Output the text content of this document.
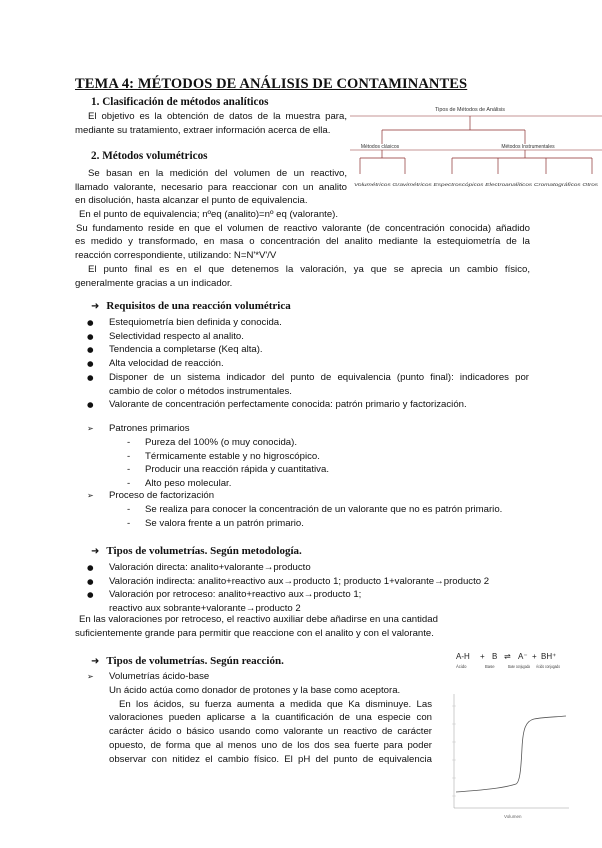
TEMA 4: MÉTODOS DE ANÁLISIS DE CONTAMINANTES
1. Clasificación de métodos analíticos
El objetivo es la obtención de datos de la muestra para,
mediante su tratamiento, extraer información acerca de ella.
Tipos de Métodos de Análisis
Métodos clásicos	Métodos Instrumentales
Volumétricos Gravimétricos Espectroscópicos Electroanalíticos Cromatográficos Otros
2. Métodos volumétricos
Se basan en la medición del volumen de un reactivo,
llamado valorante, necesario para reaccionar con un analito
en disolución, hasta alcanzar el punto de equivalencia.
En el punto de equivalencia; nºeq (analito)=nº eq (valorante).
Su fundamento reside en que el volumen de reactivo valorante (de concentración conocida) añadido
es medido y transformado, en masa o concentración del analito mediante la estequiometría de la
reacción correspondiente, utilizando: N=N'*V'/V
El punto final es en el que detenemos la valoración, ya que se aprecia un cambio físico,
generalmente gracias a un indicador.
➜ Requisitos de una reacción volumétrica
● Estequiometría bien definida y conocida.
● Selectividad respecto al analito.
● Tendencia a completarse (Keq alta).
● Alta velocidad de reacción.
● Disponer de un sistema indicador del punto de equivalencia (punto final): indicadores por
cambio de color o métodos instrumentales.
● Valorante de concentración perfectamente conocida: patrón primario y factorización.
➢ Patrones primarios
- Pureza del 100% (o muy conocida).
- Térmicamente estable y no higroscópico.
- Producir una reacción rápida y cuantitativa.
- Alto peso molecular.
➢ Proceso de factorización
- Se realiza para conocer la concentración de un valorante que no es patrón primario.
- Se valora frente a un patrón primario.
➜ Tipos de volumetrías. Según metodología.
● Valoración directa: analito+valorante→producto
● Valoración indirecta: analito+reactivo aux→producto 1; producto 1+valorante→producto 2
● Valoración por retroceso: analito+reactivo aux→producto 1;
reactivo aux sobrante+valorante→producto 2
En las valoraciones por retroceso, el reactivo auxiliar debe añadirse en una cantidad
suficientemente grande para permitir que reaccione con el analito y con el valorante.
➜ Tipos de volumetrías. Según reacción.
➢ Volumetrías ácido-base
Un ácido actúa como donador de protones y la base como aceptora.
En los ácidos, su fuerza aumenta a medida que Ka disminuye. Las
valoraciones pueden aplicarse a la cuantificación de una especie con
carácter ácido o básico usando como valorante un reactivo de carácter
opuesto, de forma que al menos uno de los dos sea fuerte para poder
observar con nitidez el cambio físico. El pH del punto de equivalencia
A-H + B ⇌ A⁻ + BH⁺
Ácido	Base	Base conjugada Ácido conjugado
Volumen
